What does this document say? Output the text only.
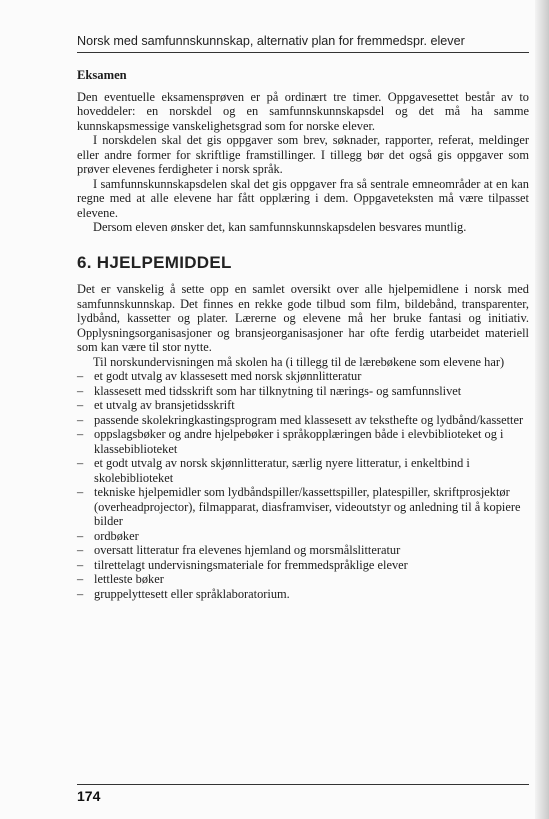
Norsk med samfunnskunnskap, alternativ plan for fremmedspr. elever
Eksamen

Den eventuelle eksamensprøven er på ordinært tre timer. Oppgavesettet består av to hoveddeler: en norskdel og en samfunnskunnskapsdel og det må ha samme kunnskapsmessige vanskelighetsgrad som for norske elever.

I norskdelen skal det gis oppgaver som brev, søknader, rapporter, referat, meldinger eller andre former for skriftlige framstillinger. I tillegg bør det også gis oppgaver som prøver elevenes ferdigheter i norsk språk.

I samfunnskunnskapsdelen skal det gis oppgaver fra så sentrale emneområder at en kan regne med at alle elevene har fått opplæring i dem. Oppgaveteksten må være tilpasset elevene.

Dersom eleven ønsker det, kan samfunnskunnskapsdelen besvares muntlig.

6. HJELPEMIDDEL

Det er vanskelig å sette opp en samlet oversikt over alle hjelpemidlene i norsk med samfunnskunnskap. Det finnes en rekke gode tilbud som film, bildebånd, transparenter, lydbånd, kassetter og plater. Lærerne og elevene må her bruke fantasi og initiativ. Opplysningsorganisasjoner og bransjeorganisasjoner har ofte ferdig utarbeidet materiell som kan være til stor nytte.

Til norskundervisningen må skolen ha (i tillegg til de lærebøkene som elevene har)

– et godt utvalg av klassesett med norsk skjønnlitteratur
– klassesett med tidsskrift som har tilknytning til nærings- og samfunnslivet
– et utvalg av bransjetidsskrift
– passende skolekringkastingsprogram med klassesett av teksthefte og lydbånd/kassetter
– oppslagsbøker og andre hjelpebøker i språkopplæringen både i elevbiblioteket og i klassebiblioteket
– et godt utvalg av norsk skjønnlitteratur, særlig nyere litteratur, i enkeltbind i skolebiblioteket
– tekniske hjelpemidler som lydbåndspiller/kassettspiller, platespiller, skriftprosjektør (overheadprojector), filmapparat, diasframviser, videoutstyr og anledning til å kopiere bilder
– ordbøker
– oversatt litteratur fra elevenes hjemland og morsmålslitteratur
– tilrettelagt undervisningsmateriale for fremmedspråklige elever
– lettleste bøker
– gruppelyttesett eller språklaboratorium.
174
